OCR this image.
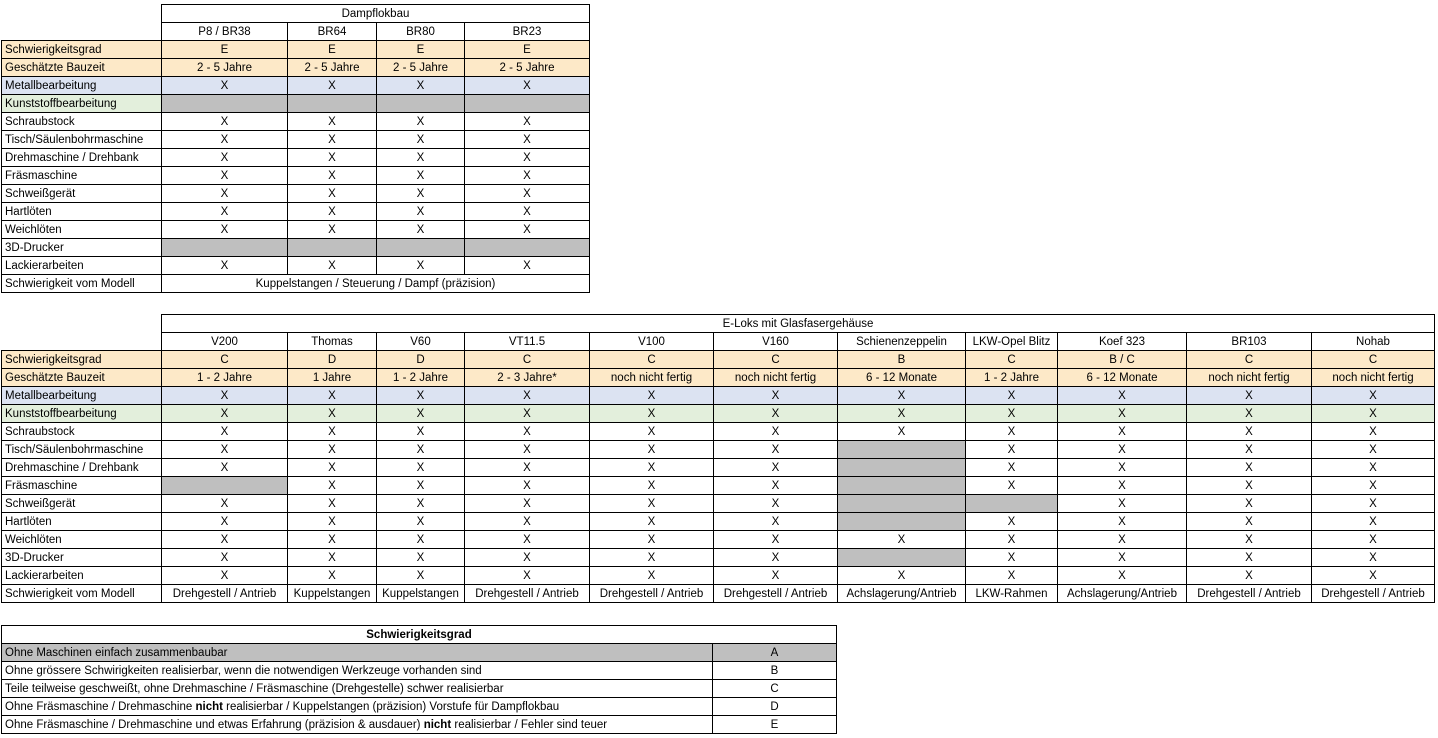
	Dampflokbau			
	P8 / BR38	BR64	BR80	BR23
Schwierigkeitsgrad	E	E	E	E
Geschätzte Bauzeit	2 - 5 Jahre	2 - 5 Jahre	2 - 5 Jahre	2 - 5 Jahre
Metallbearbeitung	X	X	X	X
Kunststoffbearbeitung				
Schraubstock	X	X	X	X
Tisch/Säulenbohrmaschine	X	X	X	X
Drehmaschine / Drehbank	X	X	X	X
Fräsmaschine	X	X	X	X
Schweißgerät	X	X	X	X
Hartlöten	X	X	X	X
Weichlöten	X	X	X	X
3D-Drucker				
Lackierarbeiten	X	X	X	X
Schwierigkeit vom Modell	Kuppelstangen / Steuerung / Dampf (präzision)			
	E-Loks mit Glasfasergehäuse										
	V200	Thomas	V60	VT11.5	V100	V160	Schienenzeppelin	LKW-Opel Blitz	Koef 323	BR103	Nohab
Schwierigkeitsgrad	C	D	D	C	C	C	B	C	B / C	C	C
Geschätzte Bauzeit	1 - 2 Jahre	1 Jahre	1 - 2 Jahre	2 - 3 Jahre*	noch nicht fertig	noch nicht fertig	6 - 12 Monate	1 - 2 Jahre	6 - 12 Monate	noch nicht fertig	noch nicht fertig
Metallbearbeitung	X	X	X	X	X	X	X	X	X	X	X
Kunststoffbearbeitung	X	X	X	X	X	X	X	X	X	X	X
Schraubstock	X	X	X	X	X	X	X	X	X	X	X
Tisch/Säulenbohrmaschine	X	X	X	X	X	X		X	X	X	X
Drehmaschine / Drehbank	X	X	X	X	X	X		X	X	X	X
Fräsmaschine		X	X	X	X	X		X	X	X	X
Schweißgerät	X	X	X	X	X	X			X	X	X
Hartlöten	X	X	X	X	X	X		X	X	X	X
Weichlöten	X	X	X	X	X	X	X	X	X	X	X
3D-Drucker	X	X	X	X	X	X		X	X	X	X
Lackierarbeiten	X	X	X	X	X	X	X	X	X	X	X
Schwierigkeit vom Modell	Drehgestell / Antrieb	Kuppelstangen	Kuppelstangen	Drehgestell / Antrieb	Drehgestell / Antrieb	Drehgestell / Antrieb	Achslagerung/Antrieb	LKW-Rahmen	Achslagerung/Antrieb	Drehgestell / Antrieb	Drehgestell / Antrieb
Schwierigkeitsgrad	
Ohne Maschinen einfach zusammenbaubar	A
Ohne grössere Schwirigkeiten realisierbar, wenn die notwendigen Werkzeuge vorhanden sind	B
Teile teilweise geschweißt, ohne Drehmaschine / Fräsmaschine (Drehgestelle) schwer realisierbar	C
Ohne Fräsmaschine / Drehmaschine nicht realisierbar / Kuppelstangen (präzision) Vorstufe für Dampflokbau	D
Ohne Fräsmaschine / Drehmaschine und etwas Erfahrung (präzision & ausdauer) nicht realisierbar / Fehler sind teuer	E
